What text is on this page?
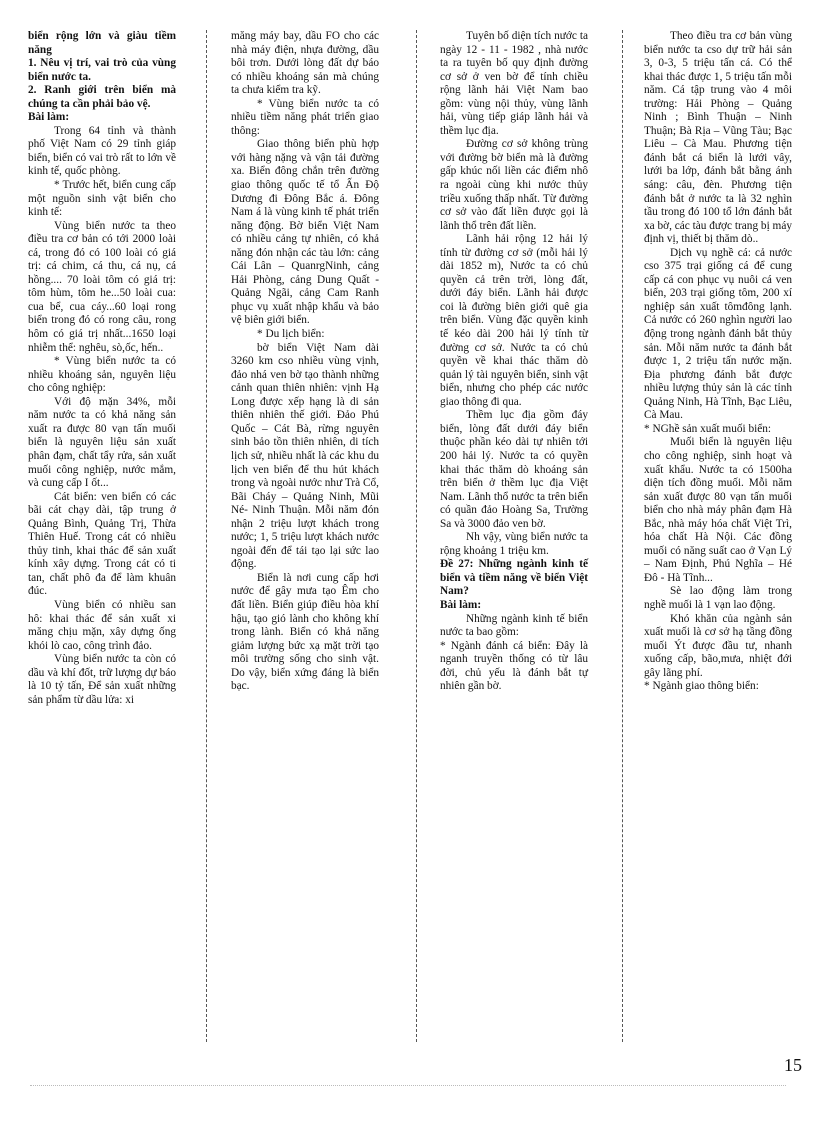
biển rộng lớn và giàu tiềm năng

1. Nêu vị trí, vai trò của vùng biển nước ta.

2. Ranh giới trên biển mà chúng ta cần phải bảo vệ.

Bài làm:

Trong 64 tỉnh và thành phố Việt Nam có 29 tỉnh giáp biển, biển có vai trò rất to lớn về kinh tế, quốc phòng.

* Trước hết, biển cung cấp một nguồn sinh vật biển cho kinh tế:

Vùng biển nước ta theo điều tra cơ bản có tới 2000 loài cá, trong đó có 100 loài có giá trị: cá chim, cá thu, cá nụ, cá hồng.... 70 loài tôm có giá trị: tôm hùm, tôm he...50 loài cua: cua bể, cua cáy...60 loại rong biển trong đó có rong câu, rong hôm có giá trị nhất...1650 loại nhiễm thể: nghêu, sò,ốc, hến..

* Vùng biển nước ta có nhiều khoáng sản, nguyên liệu cho công nghiệp:

Với độ mặn 34%, mỗi năm nước ta có khả năng sản xuất ra được 80 vạn tấn muối biển là nguyên liệu sản xuất phân đạm, chất tẩy rửa, sản xuất muối công nghiệp, nước mắm, và cung cấp I ốt...

Cát biển: ven biển có các bãi cát chạy dài, tập trung ở Quảng Bình, Quảng Trị, Thừa Thiên Huế. Trong cát có nhiều thủy tinh, khai thác để sản xuất kính xây dựng. Trong cát có ti tan, chất phô đa để làm khuân đúc.

Vùng biển có nhiều san hô: khai thác để sản xuất xi măng chịu mặn, xây dựng ống khói lò cao, công trình đảo.

Vùng biển nước ta còn có dầu và khí đốt, trữ lượng dự báo là 10 tỷ tấn, Để sản xuất những sản phẩm từ dầu lửa: xi

măng máy bay, dầu FO cho các nhà máy điện, nhựa đường, dầu bôi trơn. Dưới lòng đất dự báo có nhiều khoáng sản mà chúng ta chưa kiểm tra kỹ.

* Vùng biển nước ta có nhiều tiềm năng phát triển giao thông:

Giao thông biển phù hợp với hàng nặng và vận tải đường xa. Biển đông chắn trên đường giao thông quốc tế tổ Ấn Độ Dương đi Đông Bắc á. Đông Nam á là vùng kinh tế phát triển năng động. Bờ biển Việt Nam có nhiều cảng tự nhiên, có khả năng đón nhận các tàu lớn: cảng Cái Lân – QuanrgNinh, cảng Hải Phòng, cảng Dung Quất - Quảng Ngãi, cảng Cam Ranh phục vụ xuất nhập khẩu và bảo vệ biên giới biển.

* Du lịch biển:

bờ biển Việt Nam dài 3260 km cso nhiều vùng vịnh, đảo nhá ven bờ tạo thành những cảnh quan thiên nhiên: vịnh Hạ Long được xếp hạng là di sản thiên nhiên thế giới. Đảo Phú Quốc – Cát Bà, rừng nguyên sinh bảo tồn thiên nhiên, di tích lịch sử, nhiều nhất là các khu du lịch ven biển để thu hút khách trong và ngoài nước như Trà Cổ, Bãi Cháy – Quảng Ninh, Mũi Né- Ninh Thuận. Mỗi năm đón nhận 2 triệu lượt khách trong nước; 1, 5 triệu lượt khách nước ngoài đến để tái tạo lại sức lao động.

Biển là nơi cung cấp hơi nước để gây mưa tạo Êm cho đất liền. Biển giúp điều hòa khí hậu, tạo gió lành cho không khí trong lành. Biển có khả năng giảm lượng bức xạ mặt trời tạo môi trường sống cho sinh vật. Do vậy, biển xứng đáng là biển bạc.

Tuyên bố diện tích nước ta ngày 12 - 11 - 1982 , nhà nước ta ra tuyên bố quy định đường cơ sở ở ven bờ để tính chiều rộng lãnh hải Việt Nam bao gồm: vùng nội thủy, vùng lãnh hải, vùng tiếp giáp lãnh hải và thềm lục địa.

Đường cơ sở không trùng với đường bờ biển mà là đường gấp khúc nối liền các điểm nhô ra ngoài cùng khi nước thủy triều xuống thấp nhất. Từ đường cơ sở vào đất liền được gọi là lãnh thổ trên đất liền.

Lãnh hải rộng 12 hải lý tính từ đường cơ sở (mỗi hải lý dài 1852 m), Nước ta có chủ quyền cả trên trời, lòng đất, dưới đáy biển. Lãnh hải được coi là đường biên giới quê gia trên biển. Vùng đặc quyền kinh tế kéo dài 200 hải lý tính từ đường cơ sở. Nước ta có chủ quyền về khai thác thăm dò quản lý tài nguyên biển, sinh vật biển, nhưng cho phép các nước giao thông đi qua.

Thềm lục địa gồm đáy biển, lòng đất dưới đáy biển thuộc phần kéo dài tự nhiên tới 200 hải lý. Nước ta có quyền khai thác thăm dò khoáng sản trên biển ở thềm lục địa Việt Nam. Lãnh thổ nước ta trên biển có quần đảo Hoàng Sa, Trường Sa và 3000 đảo ven bờ.

Nh vậy, vùng biển nước ta rộng khoảng 1 triệu km.

Đề 27: Những ngành kinh tế biển và tiềm năng về biển Việt Nam?

Bài làm:

Những ngành kinh tế biển nước ta bao gồm:

* Ngành đánh cá biển: Đây là nganh truyền thống có từ lâu đời, chủ yếu là đánh bắt tự nhiên gần bờ.

Theo điều tra cơ bản vùng biển nước ta cso dự trữ hải sản 3, 0-3, 5 triệu tấn cá. Có thể khai thác được 1, 5 triệu tấn mỗi năm. Cá tập trung vào 4 môi trường: Hải Phòng – Quảng Ninh ; Bình Thuận – Ninh Thuận; Bà Rịa – Vũng Tàu; Bạc Liêu – Cà Mau. Phương tiện đánh bắt cá biển là lưới vây, lưới ba lớp, đánh bắt bằng ánh sáng: câu, đèn. Phương tiện đánh bắt ở nước ta là 32 nghìn tầu trong đó 100 tổ lớn đánh bắt xa bờ, các tàu được trang bị máy định vị, thiết bị thăm dò..

Dịch vụ nghề cá: cả nước cso 375 trại giống cá để cung cấp cá con phục vụ nuôi cá ven biển, 203 trại giống tôm, 200 xí nghiệp sản xuất tômđông lạnh. Cả nước có 260 nghìn người lao động trong ngành đánh bắt thủy sản. Mỗi năm nước ta đánh bắt được 1, 2 triệu tấn nước mặn. Địa phương đánh bắt được nhiều lượng thủy sản là các tỉnh Quảng Ninh, Hà Tĩnh, Bạc Liêu, Cà Mau.

* NGhề sản xuất muối biển:

Muối biển là nguyên liệu cho công nghiệp, sinh hoạt và xuất khẩu. Nước ta có 1500ha diện tích đồng muối. Mỗi năm sản xuất được 80 vạn tấn muối biển cho nhà máy phân đạm Hà Bắc, nhà máy hóa chất Việt Trì, hóa chất Hà Nội. Các đồng muối có năng suất cao ở Vạn Lý – Nam Định, Phú Nghĩa – Hé Đô - Hà Tĩnh...

Sè lao động làm trong nghề muối là 1 vạn lao động.

Khó khăn của ngành sản xuất muối là cơ sở hạ tầng đồng muối Ýt được đầu tư, nhanh xuống cấp, bão,mưa, nhiệt đới gây lãng phí.

* Ngành giao thông biển:

15
